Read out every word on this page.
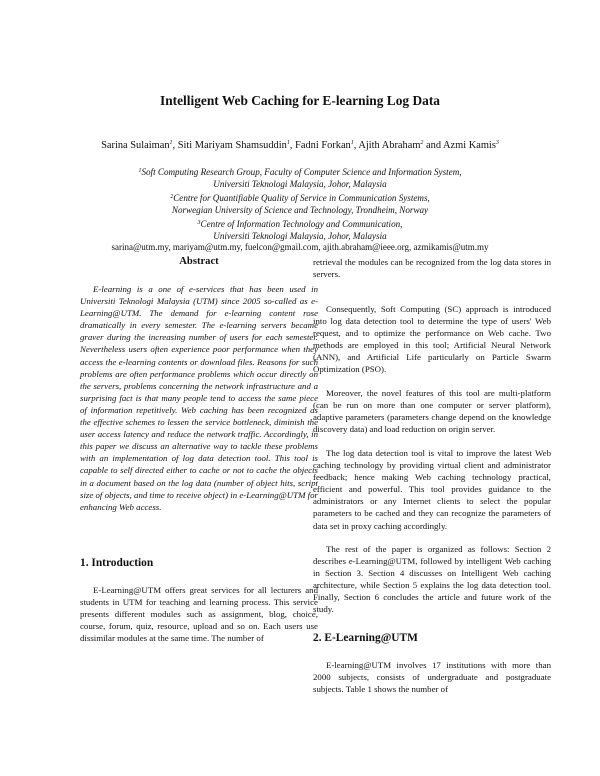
Intelligent Web Caching for E-learning Log Data
Sarina Sulaiman$^1$, Siti Mariyam Shamsuddin$^1$, Fadni Forkan$^1$, Ajith Abraham$^2$ and Azmi Kamis$^3$
$^1$Soft Computing Research Group, Faculty of Computer Science and Information System,
Universiti Teknologi Malaysia, Johor, Malaysia
$^2$Centre for Quantifiable Quality of Service in Communication Systems,
Norwegian University of Science and Technology, Trondheim, Norway
$^3$Centre of Information Technology and Communication,
Universiti Teknologi Malaysia, Johor, Malaysia
sarina@utm.my, mariyam@utm.my, fuelcon@gmail.com, ajith.abraham@ieee.org, azmikamis@utm.my
Abstract

E-learning is a one of e-services that has been used in Universiti Teknologi Malaysia (UTM) since 2005 so-called as e-Learning@UTM. The demand for e-learning content rose dramatically in every semester. The e-learning servers became graver during the increasing number of users for each semester. Nevertheless users often experience poor performance when they access the e-learning contents or download files. Reasons for such problems are often performance problems which occur directly on the servers, problems concerning the network infrastructure and a surprising fact is that many people tend to access the same piece of information repetitively. Web caching has been recognized as the effective schemes to lessen the service bottleneck, diminish the user access latency and reduce the network traffic. Accordingly, in this paper we discuss an alternative way to tackle these problems with an implementation of log data detection tool. This tool is capable to self directed either to cache or not to cache the objects in a document based on the log data (number of object hits, script size of objects, and time to receive object) in e-Learning@UTM for enhancing Web access.

1. Introduction

E-Learning@UTM offers great services for all lecturers and students in UTM for teaching and learning process. This service presents different modules such as assignment, blog, choice, course, forum, quiz, resource, upload and so on. Each users use dissimilar modules at the same time. The number of

retrieval the modules can be recognized from the log data stores in servers.

Consequently, Soft Computing (SC) approach is introduced into log data detection tool to determine the type of users' Web request, and to optimize the performance on Web cache. Two methods are employed in this tool; Artificial Neural Network (ANN), and Artificial Life particularly on Particle Swarm Optimization (PSO).

Moreover, the novel features of this tool are multi-platform (can be run on more than one computer or server platform), adaptive parameters (parameters change depend on the knowledge discovery data) and load reduction on origin server.

The log data detection tool is vital to improve the latest Web caching technology by providing virtual client and administrator feedback; hence making Web caching technology practical, efficient and powerful. This tool provides guidance to the administrators or any Internet clients to select the popular parameters to be cached and they can recognize the parameters of data set in proxy caching accordingly.

The rest of the paper is organized as follows: Section 2 describes e-Learning@UTM, followed by intelligent Web caching in Section 3. Section 4 discusses on Intelligent Web caching architecture, while Section 5 explains the log data detection tool. Finally, Section 6 concludes the article and future work of the study.

2. E-Learning@UTM

E-learning@UTM involves 17 institutions with more than 2000 subjects, consists of undergraduate and postgraduate subjects. Table 1 shows the number of
